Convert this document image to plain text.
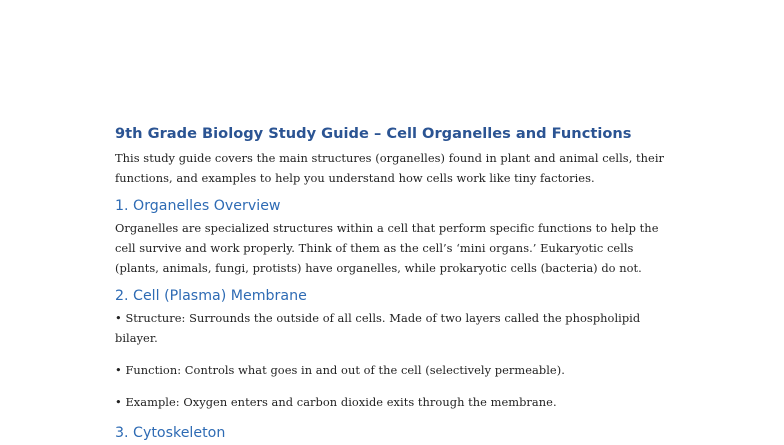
9th Grade Biology Study Guide – Cell Organelles and Functions

This study guide covers the main structures (organelles) found in plant and animal cells, their functions, and examples to help you understand how cells work like tiny factories.

1. Organelles Overview

Organelles are specialized structures within a cell that perform specific functions to help the cell survive and work properly. Think of them as the cell’s ‘mini organs.’ Eukaryotic cells (plants, animals, fungi, protists) have organelles, while prokaryotic cells (bacteria) do not.

2. Cell (Plasma) Membrane

• Structure: Surrounds the outside of all cells. Made of two layers called the phospholipid bilayer.

• Function: Controls what goes in and out of the cell (selectively permeable).

• Example: Oxygen enters and carbon dioxide exits through the membrane.

3. Cytoskeleton
